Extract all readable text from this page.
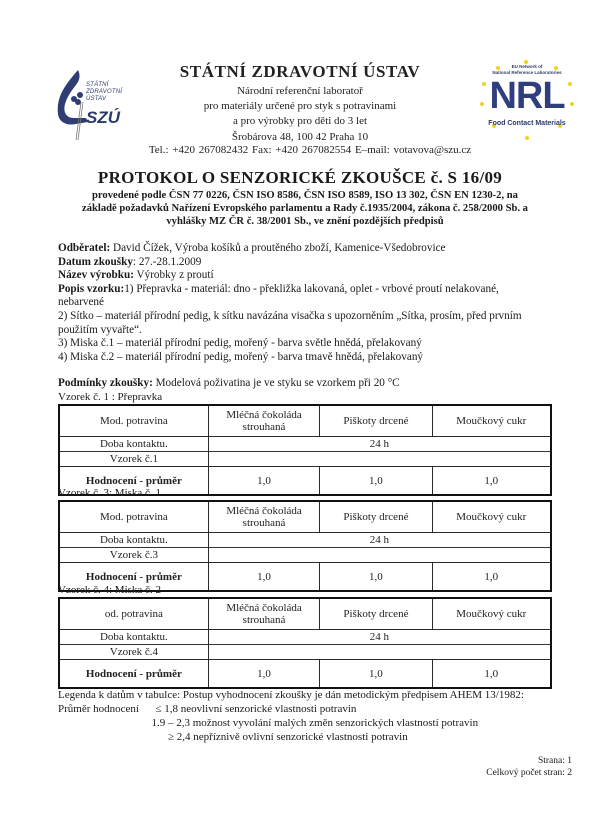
STÁTNÍ
ZDRAVOTNÍ
ÚSTAV
SZÚ
STÁTNÍ ZDRAVOTNÍ ÚSTAV
Národní referenční laboratoř
pro materiály určené pro styk s potravinami
a pro výrobky pro děti do 3 let
Šrobárova 48, 100 42 Praha 10
Tel.: +420 267082432 Fax: +420 267082554 E–mail: votavova@szu.cz
EU Network of
National Reference Laboratories
NRL
Food Contact Materials
PROTOKOL O SENZORICKÉ ZKOUŠCE č. S 16/09
provedené podle ČSN 77 0226, ČSN ISO 8586, ČSN ISO 8589, ISO 13 302, ČSN EN 1230-2, na
základě požadavků Nařízení Evropského parlamentu a Rady č.1935/2004, zákona č. 258/2000 Sb. a
vyhlášky MZ ČR č. 38/2001 Sb., ve znění pozdějších předpisů

Odběratel: David Čížek, Výroba košíků a proutěného zboží, Kamenice-Všedobrovice

Datum zkoušky: 27.-28.1.2009

Název výrobku: Výrobky z proutí

Popis vzorku:1) Přepravka - materiál: dno - překližka lakovaná, oplet - vrbové proutí nelakované,

nebarvené

2) Sítko – materiál přírodní pedig, k sítku navázána visačka s upozorněním „Sítka, prosím, před prvním

použitím vyvařte“.

3) Miska č.1 – materiál přírodní pedig, mořený - barva světle hnědá, přelakovaný

4) Miska č.2 – materiál přírodní pedig, mořený - barva tmavě hnědá, přelakovaný

Podmínky zkoušky: Modelová poživatina je ve styku se vzorkem při 20 °C

Vzorek č. 1 : Přepravka
Mod. potravina	Mléčná čokoláda strouhaná	Piškoty drcené	Moučkový cukr
Doba kontaktu.	24 h		
Vzorek č.1			
Hodnocení - průměr	1,0	1,0	1,0
Vzorek č. 3: Miska č. 1
Mod. potravina	Mléčná čokoláda strouhaná	Piškoty drcené	Moučkový cukr
Doba kontaktu.	24 h		
Vzorek č.3			
Hodnocení - průměr	1,0	1,0	1,0
Vzorek č. 4: Miska č. 2
od. potravina	Mléčná čokoláda strouhaná	Piškoty drcené	Moučkový cukr
Doba kontaktu.	24 h		
Vzorek č.4			
Hodnocení - průměr	1,0	1,0	1,0

Legenda k datům v tabulce: Postup vyhodnocení zkoušky je dán metodickým předpisem AHEM 13/1982:

Průměr hodnocení      ≤ 1,8 neovlivní senzorické vlastnosti potravin

1.9 – 2,3 možnost vyvolání malých změn senzorických vlastností potravin

≥ 2,4 nepříznivě ovlivní senzorické vlastnosti potravin

Strana: 1
Celkový počet stran: 2
